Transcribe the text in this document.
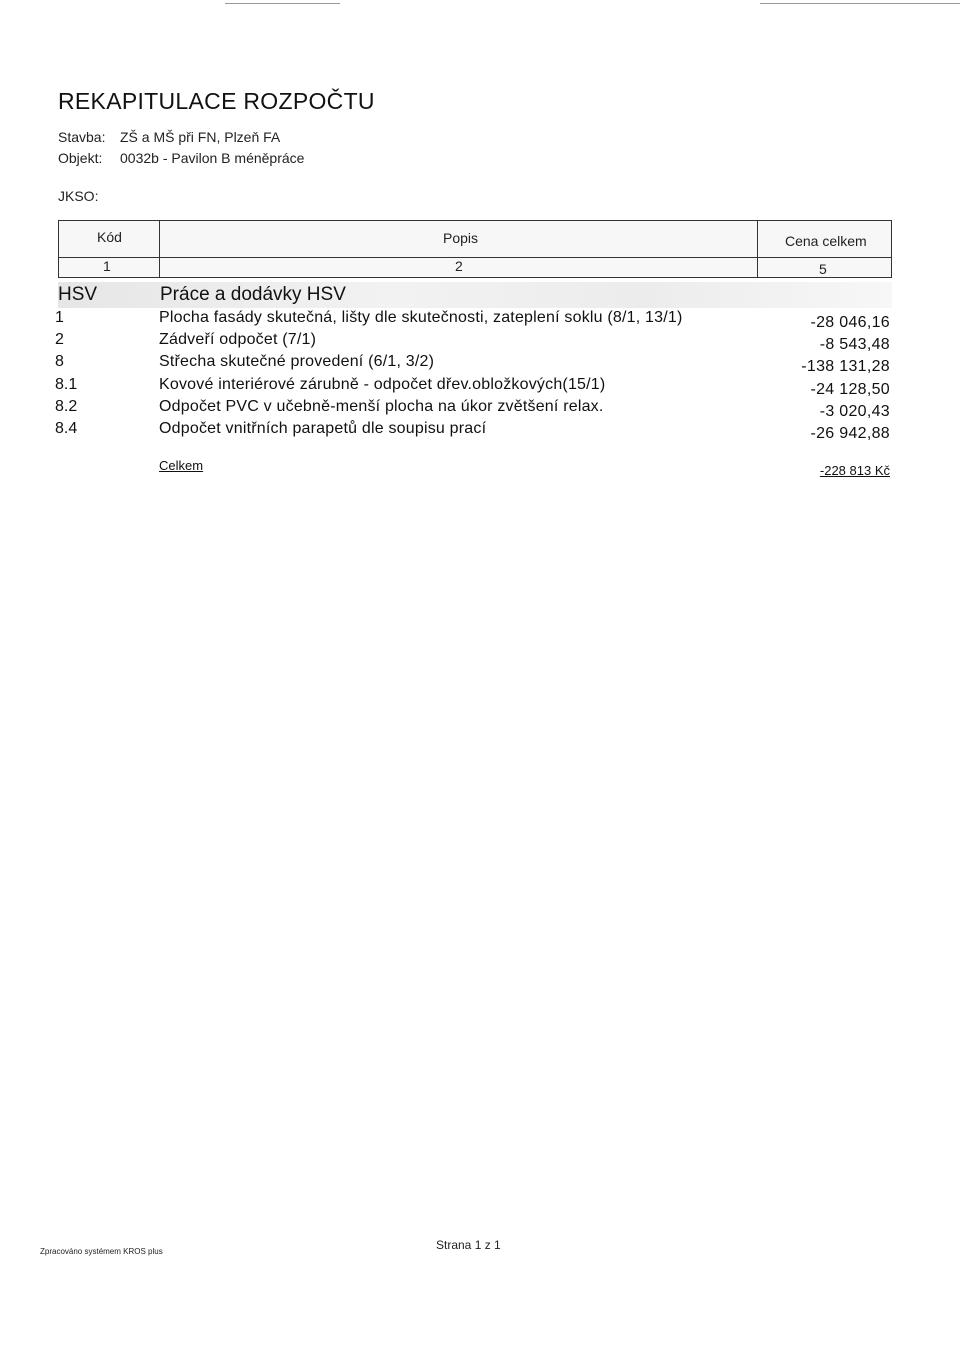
REKAPITULACE ROZPOČTU
Stavba: ZŠ a MŠ při FN, Plzeň FA
Objekt: 0032b - Pavilon B méněpráce
JKSO:
Kód	Popis	Cena celkem
1	2	5
HSV	Práce a dodávky HSV
1	Plocha fasády skutečná, lišty dle skutečnosti, zateplení soklu (8/1, 13/1)	-28 046,16
2	Zádveří odpočet (7/1)	-8 543,48
8	Střecha skutečné provedení (6/1, 3/2)	-138 131,28
8.1	Kovové interiérové zárubně - odpočet dřev.obložkových(15/1)	-24 128,50
8.2	Odpočet PVC v učebně-menší plocha na úkor zvětšení relax.	-3 020,43
8.4	Odpočet vnitřních parapetů dle soupisu prací	-26 942,88
Celkem	-228 813 Kč
Zpracováno systémem KROS plus	Strana 1 z 1
